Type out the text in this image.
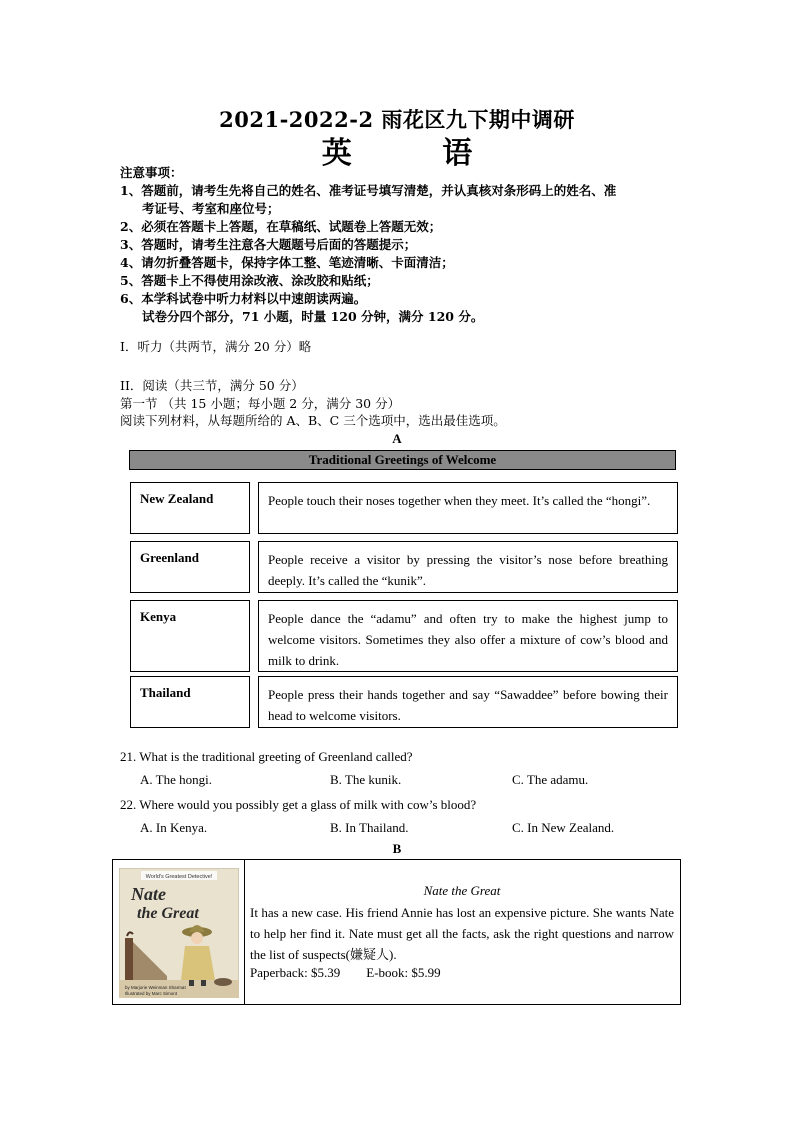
2021-2022-2 雨花区九下期中调研
英 语
注意事项：
1、答题前，请考生先将自己的姓名、准考证号填写清楚，并认真核对条形码上的姓名、准
考证号、考室和座位号；
2、必须在答题卡上答题，在草稿纸、试题卷上答题无效；
3、答题时，请考生注意各大题题号后面的答题提示；
4、请勿折叠答题卡，保持字体工整、笔迹清晰、卡面清洁；
5、答题卡上不得使用涂改液、涂改胶和贴纸；
6、本学科试卷中听力材料以中速朗读两遍。
试卷分四个部分，71 小题，时量 120 分钟，满分 120 分。
I．听力（共两节，满分 20 分）略
II．阅读（共三节，满分 50 分）
第一节 （共 15 小题；每小题 2 分，满分 30 分）
阅读下列材料，从每题所给的 A、B、C 三个选项中，选出最佳选项。
A
Traditional Greetings of Welcome
New Zealand	People touch their noses together when they meet. It’s called the “hongi”.
Greenland	People receive a visitor by pressing the visitor’s nose before breathing deeply. It’s called the “kunik”.
Kenya	People dance the “adamu” and often try to make the highest jump to welcome visitors. Sometimes they also offer a mixture of cow’s blood and milk to drink.
Thailand	People press their hands together and say “Sawaddee” before bowing their head to welcome visitors.
21. What is the traditional greeting of Greenland called?
A. The hongi.	B. The kunik.	C. The adamu.
22. Where would you possibly get a glass of milk with cow’s blood?
A. In Kenya.	B. In Thailand.	C. In New Zealand.
B
World's Greatest Detective!
Nate
the Great
by Marjorie Weinman Sharmat
Illustrated by Marc Simont
Nate the Great
It has a new case. His friend Annie has lost an expensive picture. She wants Nate to help her find it. Nate must get all the facts, ask the right questions and narrow the list of suspects(嫌疑人).
Paperback: $5.39 E-book: $5.99
